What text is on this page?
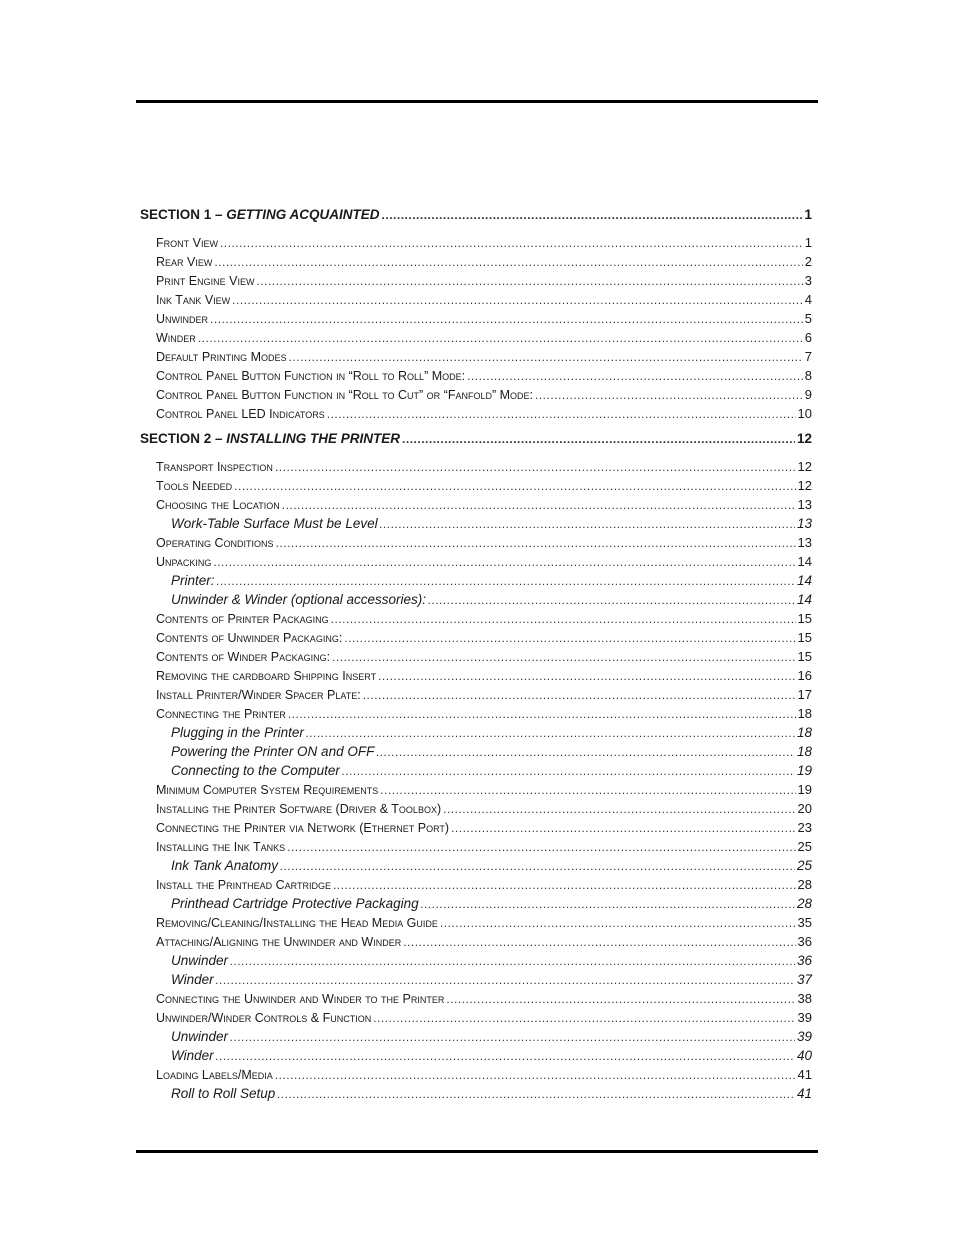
SECTION 1 – GETTING ACQUAINTED .....	1
Front View .....	1
Rear View .....	2
Print Engine View .....	3
Ink Tank View .....	4
Unwinder .....	5
Winder .....	6
Default Printing Modes .....	7
Control Panel Button Function in “Roll to Roll” Mode: .....	8
Control Panel Button Function in “Roll to Cut” or “Fanfold” Mode: .....	9
Control Panel LED Indicators .....	10
SECTION 2 – INSTALLING THE PRINTER .....	12
Transport Inspection .....	12
Tools Needed .....	12
Choosing the Location .....	13
Work-Table Surface Must be Level .....	13
Operating Conditions .....	13
Unpacking .....	14
Printer: .....	14
Unwinder & Winder (optional accessories): .....	14
Contents of Printer Packaging .....	15
Contents of Unwinder Packaging: .....	15
Contents of Winder Packaging: .....	15
Removing the cardboard Shipping Insert .....	16
Install Printer/Winder Spacer Plate: .....	17
Connecting the Printer .....	18
Plugging in the Printer .....	18
Powering the Printer ON and OFF .....	18
Connecting to the Computer .....	19
Minimum Computer System Requirements .....	19
Installing the Printer Software (Driver & Toolbox) .....	20
Connecting the Printer via Network (Ethernet Port) .....	23
Installing the Ink Tanks .....	25
Ink Tank Anatomy .....	25
Install the Printhead Cartridge .....	28
Printhead Cartridge Protective Packaging .....	28
Removing/Cleaning/Installing the Head Media Guide .....	35
Attaching/Aligning the Unwinder and Winder .....	36
Unwinder .....	36
Winder .....	37
Connecting the Unwinder and Winder to the Printer .....	38
Unwinder/Winder Controls & Function .....	39
Unwinder .....	39
Winder .....	40
Loading Labels/Media .....	41
Roll to Roll Setup .....	41
